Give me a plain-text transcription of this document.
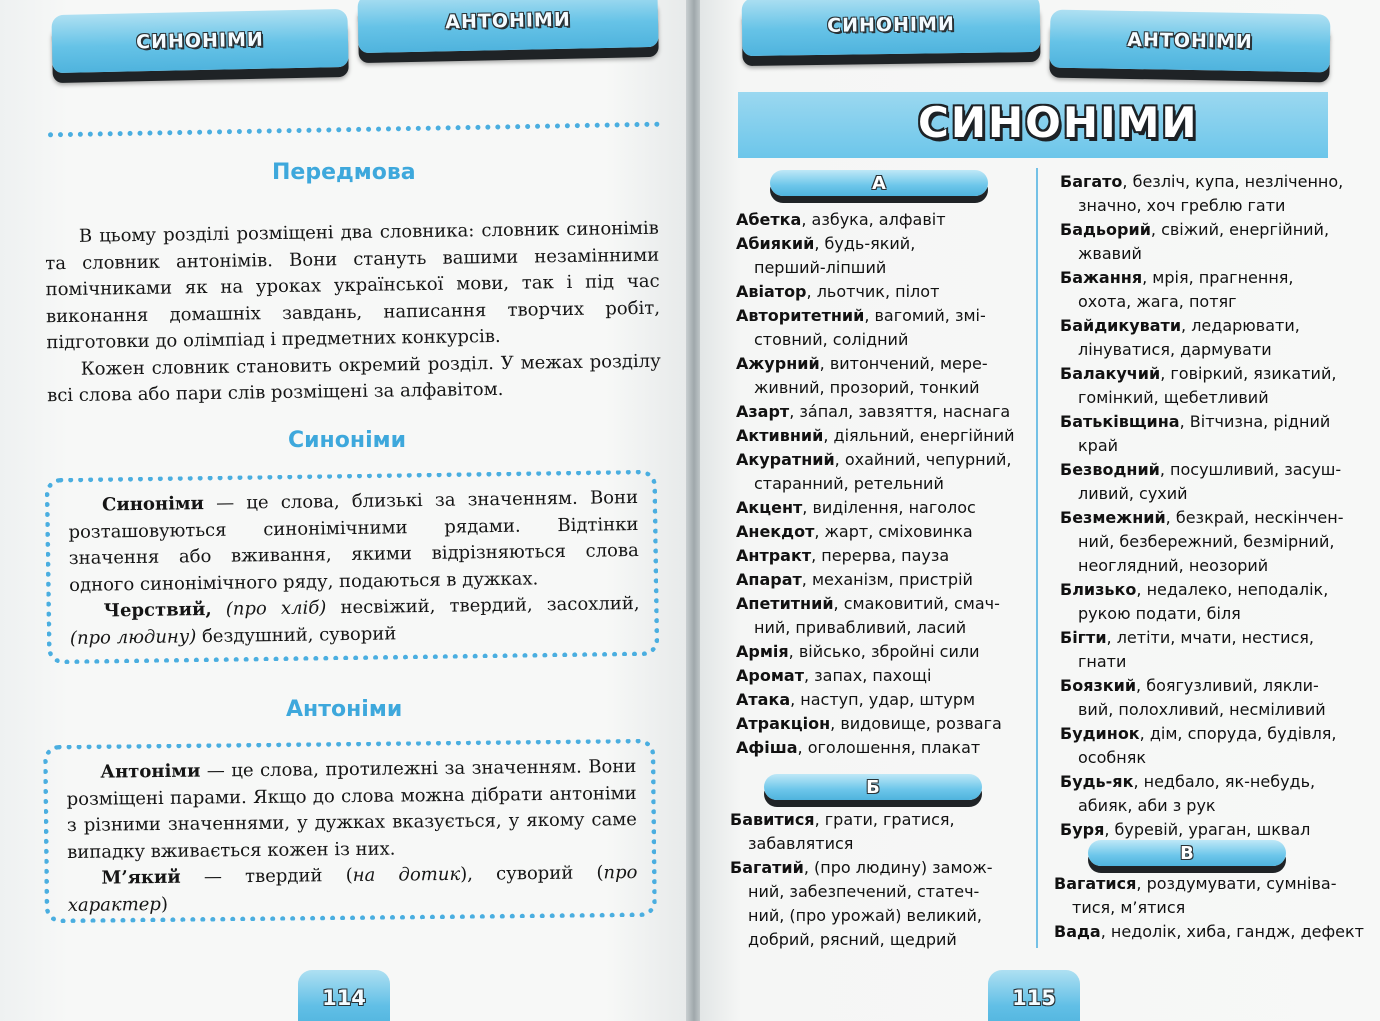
СИНОНІМИ
АНТОНІМИ
Передмова

В цьому розділі розміщені два словника: словник синонімів та словник антонімів. Вони стануть вашими незамінними помічниками як на уроках української мови, так і під час виконання домашніх завдань, написання творчих робіт, підготовки до олімпіад і предметних конкурсів.

Кожен словник становить окремий розділ. У межах розділу всі слова або пари слів розміщені за алфавітом.

Синоніми

Синоніми — це слова, близькі за значенням. Вони розташовуються синонімічними рядами. Відтінки значення або вживання, якими відрізняються слова одного синонімічного ряду, подаються в дужках.

Черствий, (про хліб) несвіжий, твердий, засохлий, (про людину) бездушний, суворий

Антоніми

Антоніми — це слова, протилежні за значенням. Вони розміщені парами. Якщо до слова можна дібрати антоніми з різними значеннями, у дужках вказується, у якому саме випадку вживається кожен із них.

М’який — твердий (на дотик), суворий (про характер)

114
СИНОНІМИ
АНТОНІМИ
СИНОНІМИ
А
Абетка, азбука, алфавіт
Абиякий, будь-який,
перший-ліпший
Авіатор, льотчик, пілот
Авторитетний, вагомий, змі-
стовний, солідний
Ажурний, витончений, мере-
живний, прозорий, тонкий
Азарт, за́пал, завзяття, наснага
Активний, діяльний, енергійний
Акуратний, охайний, чепурний,
старанний, ретельний
Акцент, виділення, наголос
Анекдот, жарт, сміховинка
Антракт, перерва, пауза
Апарат, механізм, пристрій
Апетитний, смаковитий, смач-
ний, привабливий, ласий
Армія, військо, збройні сили
Аромат, запах, пахощі
Атака, наступ, удар, штурм
Атракціон, видовище, розвага
Афіша, оголошення, плакат
Б
Бавитися, грати, гратися,
забавлятися
Багатий, (про людину) замож-
ний, забезпечений, статеч-
ний, (про урожай) великий,
добрий, рясний, щедрий
Багато, безліч, купа, незліченно,
значно, хоч греблю гати
Бадьорий, свіжий, енергійний,
жвавий
Бажання, мрія, прагнення,
охота, жага, потяг
Байдикувати, ледарювати,
лінуватися, дармувати
Балакучий, говіркий, язикатий,
гомінкий, щебетливий
Батьківщина, Вітчизна, рідний
край
Безводний, посушливий, засуш-
ливий, сухий
Безмежний, безкрай, нескінчен-
ний, безбережний, безмірний,
неоглядний, неозорий
Близько, недалеко, неподалік,
рукою подати, біля
Бігти, летіти, мчати, нестися,
гнати
Боязкий, боягузливий, лякли-
вий, полохливий, несміливий
Будинок, дім, споруда, будівля,
особняк
Будь-як, недбало, як-небудь,
абияк, аби з рук
Буря, буревій, ураган, шквал
В
Вагатися, роздумувати, сумніва-
тися, м’ятися
Вада, недолік, хиба, гандж, дефект
115
